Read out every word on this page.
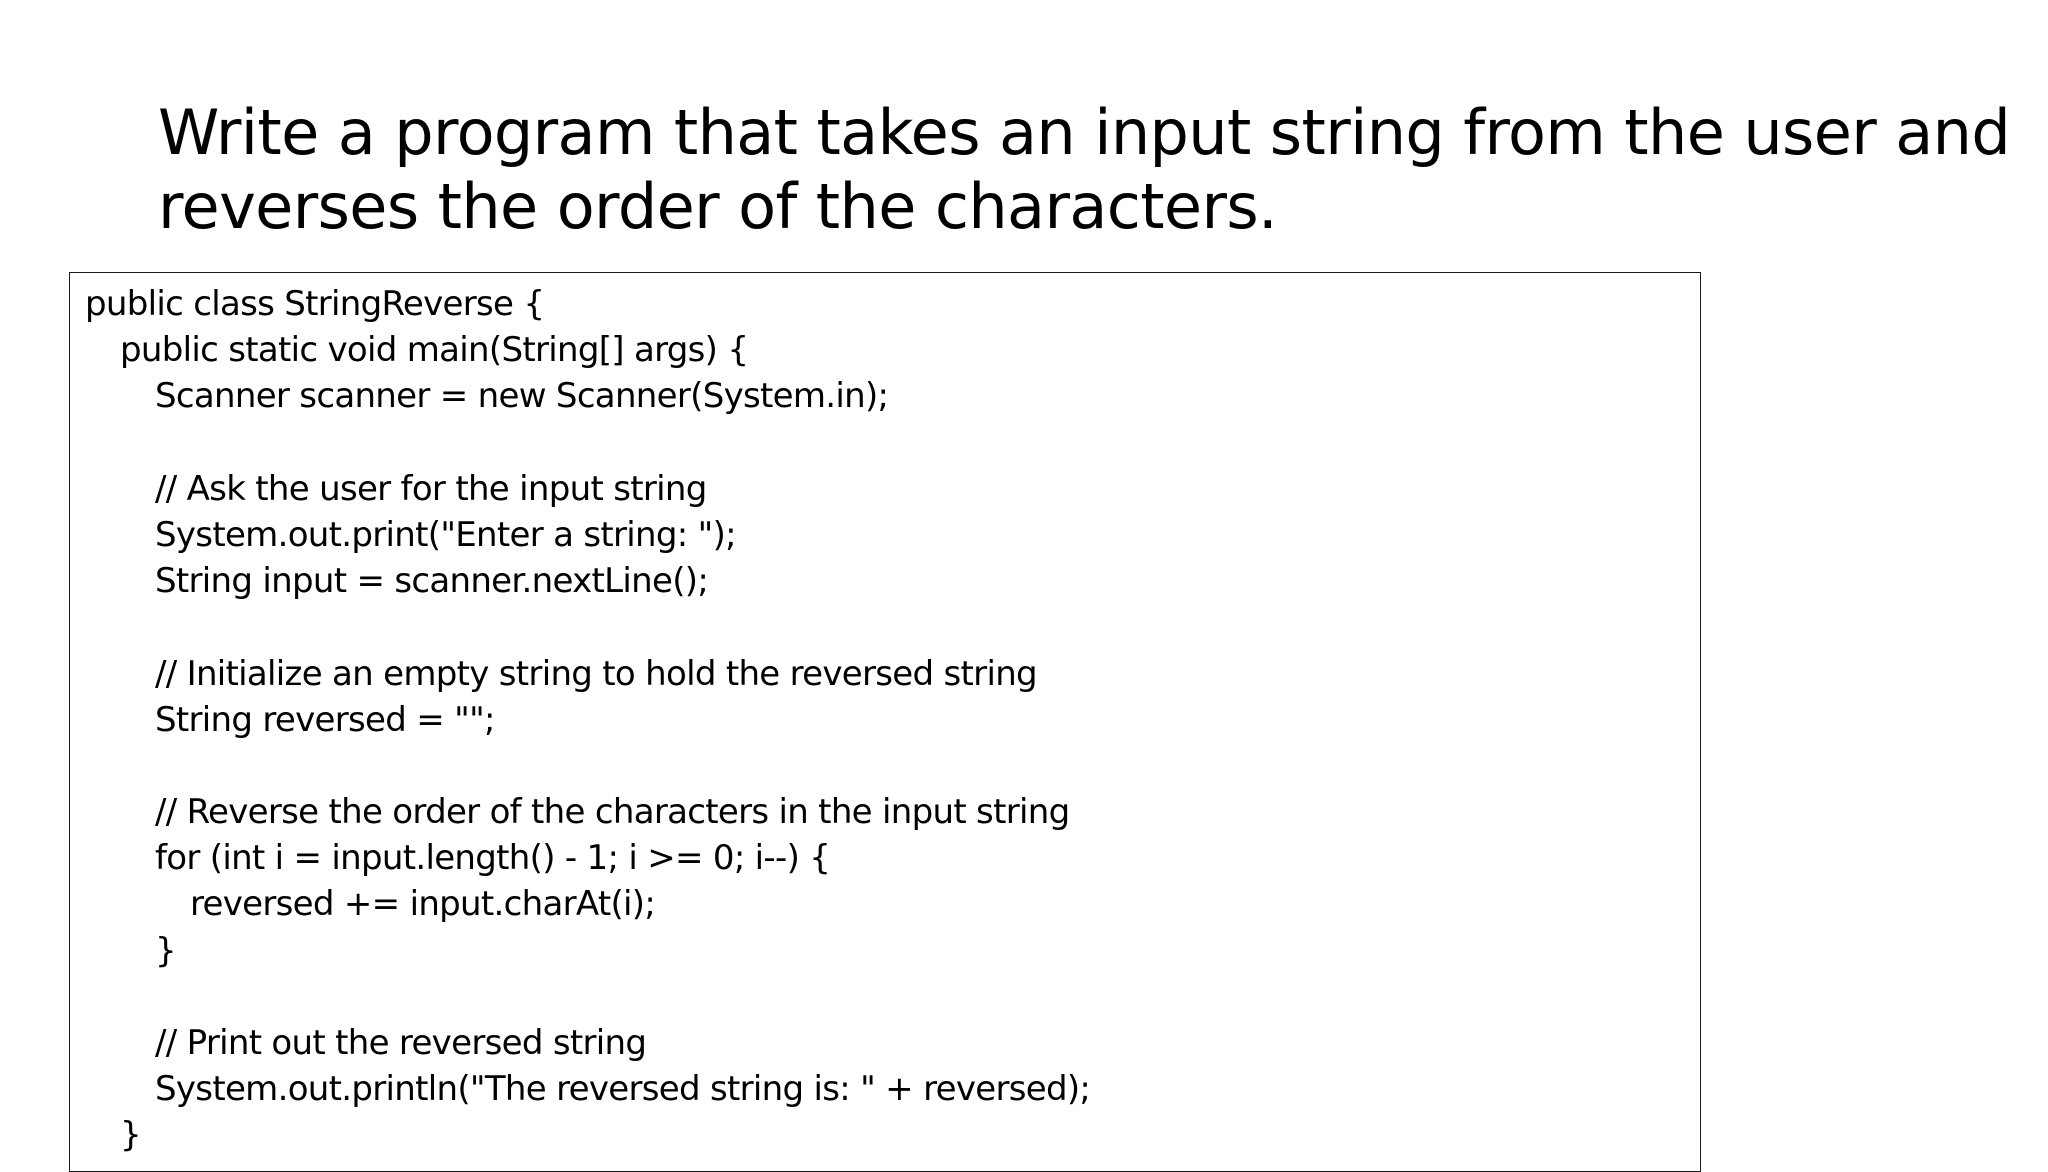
Write a program that takes an input string from the user and
reverses the order of the characters.
public class StringReverse {
public static void main(String[] args) {
Scanner scanner = new Scanner(System.in);
// Ask the user for the input string
System.out.print("Enter a string: ");
String input = scanner.nextLine();
// Initialize an empty string to hold the reversed string
String reversed = "";
// Reverse the order of the characters in the input string
for (int i = input.length() - 1; i >= 0; i--) {
reversed += input.charAt(i);
}
// Print out the reversed string
System.out.println("The reversed string is: " + reversed);
}
